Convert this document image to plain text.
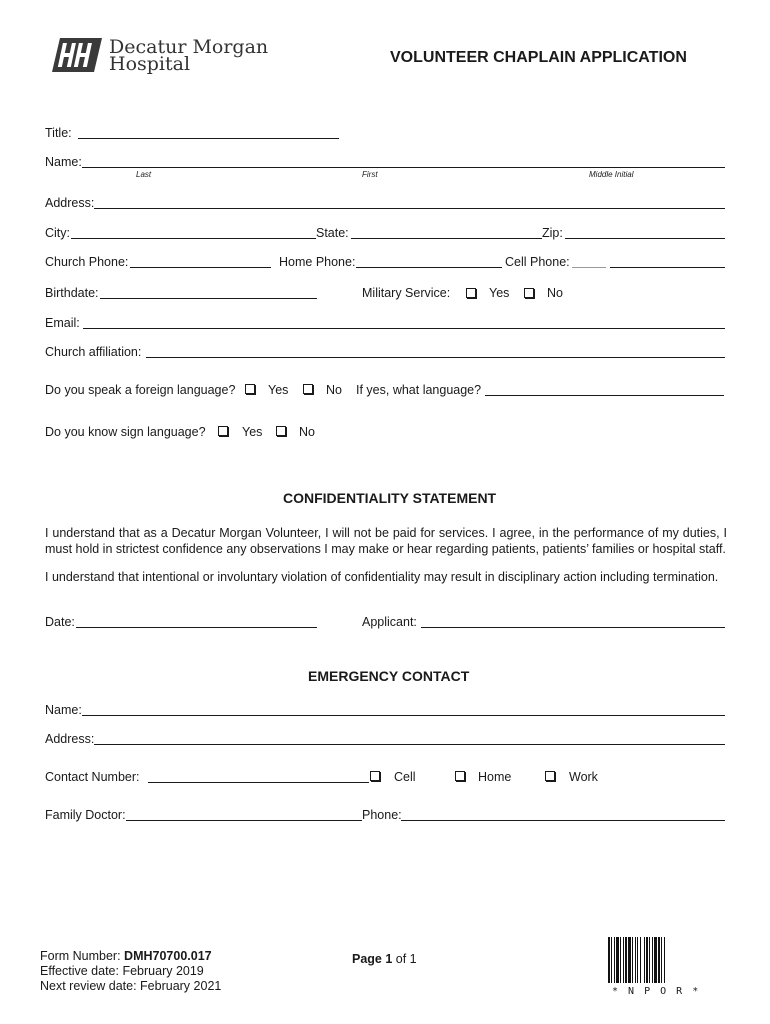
Decatur Morgan
Hospital	VOLUNTEER CHAPLAIN APPLICATION
Title:
Name:
Last	First	Middle Initial
Address:
City:	State:	Zip:
Church Phone:	Home Phone:	Cell Phone:
Birthdate:	Military Service:	Yes	No
Email:
Church affiliation:
Do you speak a foreign language?	Yes	No If yes, what language?
Do you know sign language?	Yes	No
CONFIDENTIALITY STATEMENT
I understand that as a Decatur Morgan Volunteer, I will not be paid for services. I agree, in the performance of my duties, I must hold in strictest confidence any observations I may make or hear regarding patients, patients’ families or hospital staff.
I understand that intentional or involuntary violation of confidentiality may result in disciplinary action including termination.
Date:	Applicant:
EMERGENCY CONTACT
Name:
Address:
Contact Number:	Cell	Home	Work
Family Doctor:	Phone:
Form Number: DMH70700.017
Effective date: February 2019
Next review date: February 2021
Page 1 of 1
* N P O R *
